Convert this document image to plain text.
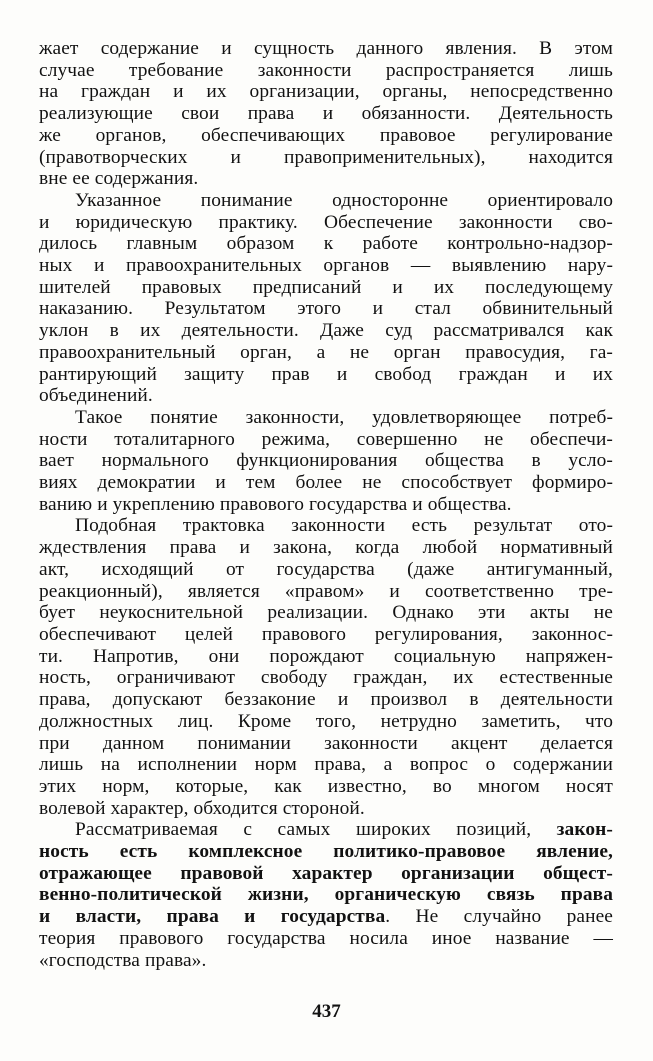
жает содержание и сущность данного явления. В этом
случае требование законности распространяется лишь
на граждан и их организации, органы, непосредственно
реализующие свои права и обязанности. Деятельность
же органов, обеспечивающих правовое регулирование
(правотворческих и правоприменительных), находится
вне ее содержания.

Указанное понимание односторонне ориентировало
и юридическую практику. Обеспечение законности сво-
дилось главным образом к работе контрольно-надзор-
ных и правоохранительных органов — выявлению нару-
шителей правовых предписаний и их последующему
наказанию. Результатом этого и стал обвинительный
уклон в их деятельности. Даже суд рассматривался как
правоохранительный орган, а не орган правосудия, га-
рантирующий защиту прав и свобод граждан и их
объединений.

Такое понятие законности, удовлетворяющее потреб-
ности тоталитарного режима, совершенно не обеспечи-
вает нормального функционирования общества в усло-
виях демократии и тем более не способствует формиро-
ванию и укреплению правового государства и общества.

Подобная трактовка законности есть результат ото-
ждествления права и закона, когда любой нормативный
акт, исходящий от государства (даже антигуманный,
реакционный), является «правом» и соответственно тре-
бует неукоснительной реализации. Однако эти акты не
обеспечивают целей правового регулирования, законнос-
ти. Напротив, они порождают социальную напряжен-
ность, ограничивают свободу граждан, их естественные
права, допускают беззаконие и произвол в деятельности
должностных лиц. Кроме того, нетрудно заметить, что
при данном понимании законности акцент делается
лишь на исполнении норм права, а вопрос о содержании
этих норм, которые, как известно, во многом носят
волевой характер, обходится стороной.

Рассматриваемая с самых широких позиций, закон-
ность есть комплексное политико-правовое явление,
отражающее правовой характер организации общест-
венно-политической жизни, органическую связь права
и власти, права и государства. Не случайно ранее
теория правового государства носила иное название —
«господства права».

437
